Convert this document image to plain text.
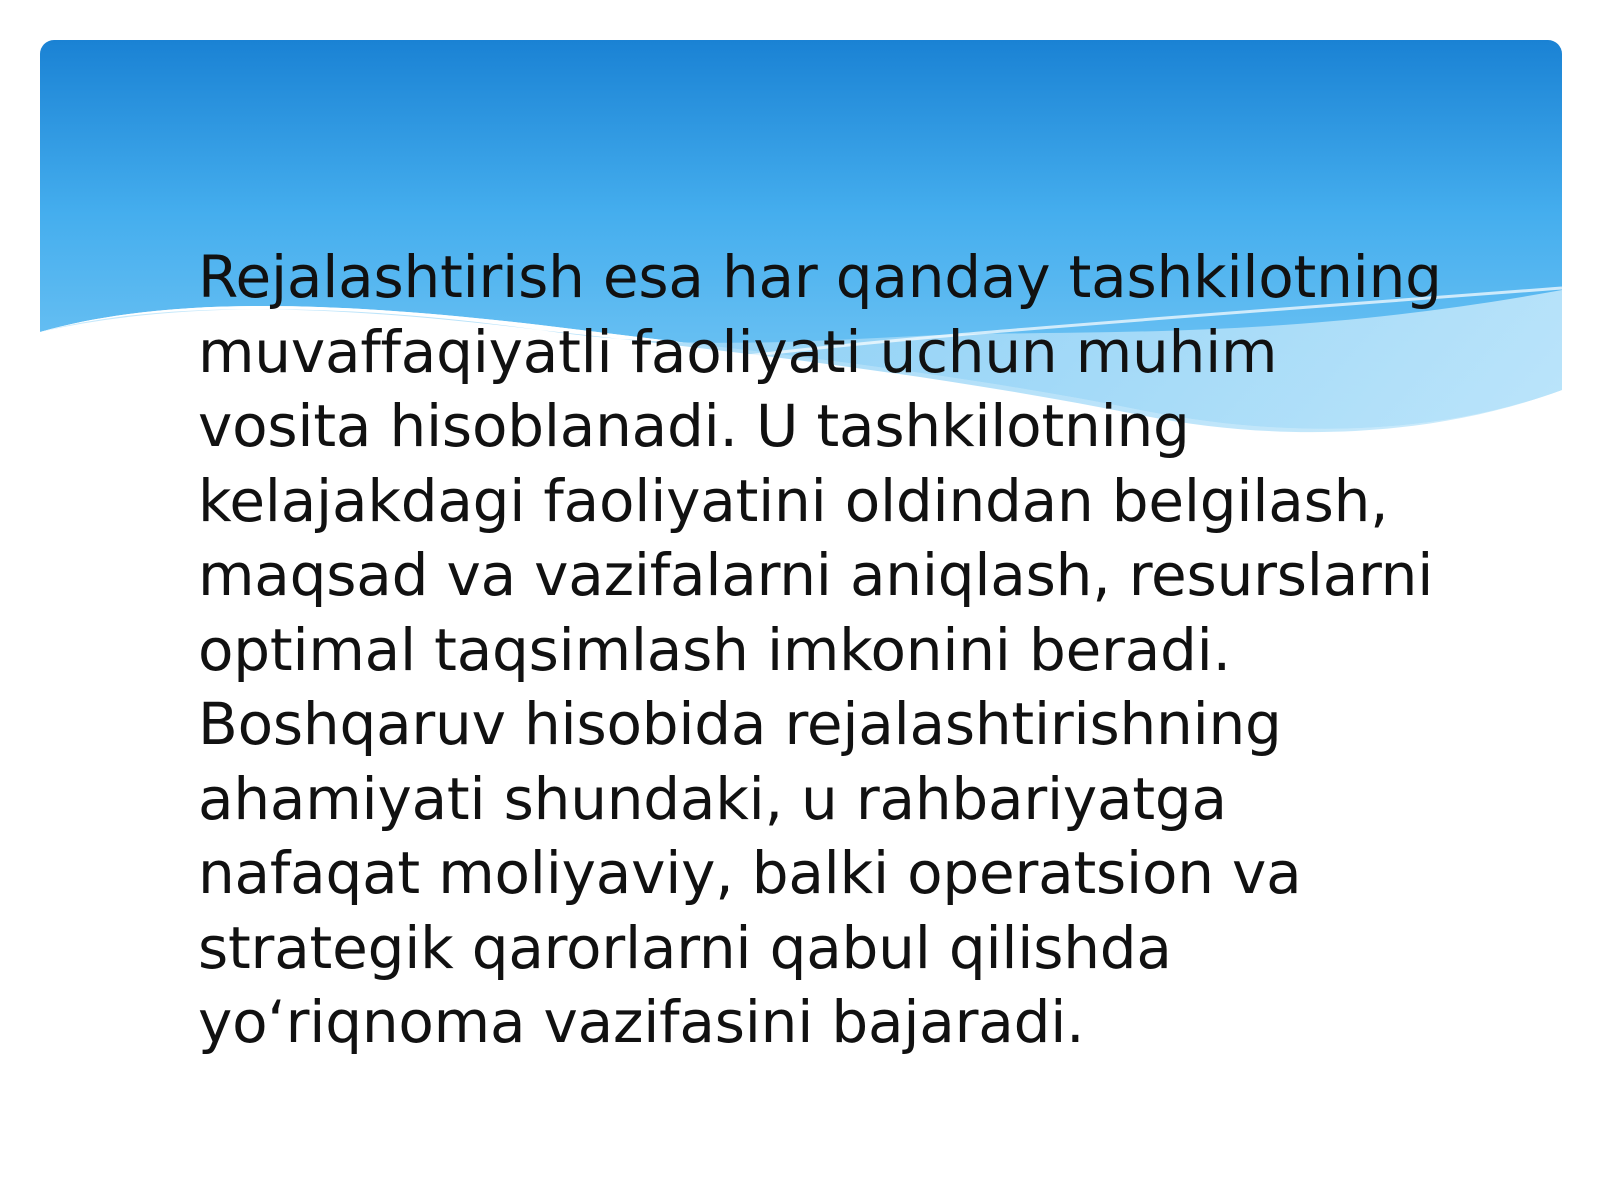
Rejalashtirish esa har qanday tashkilotning
muvaffaqiyatli faoliyati uchun muhim
vosita hisoblanadi. U tashkilotning
kelajakdagi faoliyatini oldindan belgilash,
maqsad va vazifalarni aniqlash, resurslarni
optimal taqsimlash imkonini beradi.
Boshqaruv hisobida rejalashtirishning
ahamiyati shundaki, u rahbariyatga
nafaqat moliyaviy, balki operatsion va
strategik qarorlarni qabul qilishda
yo‘riqnoma vazifasini bajaradi.
